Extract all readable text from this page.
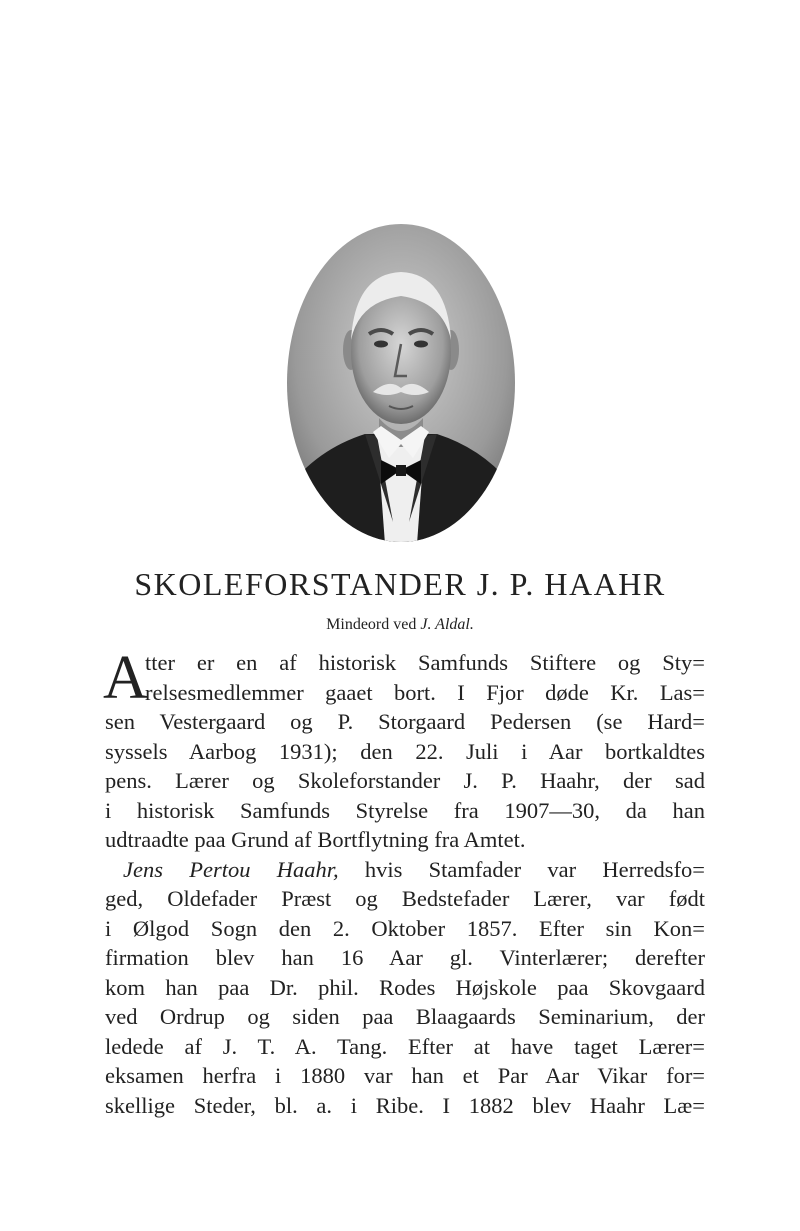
SKOLEFORSTANDER J. P. HAAHR
Mindeord ved J. Aldal.
A
tter er en af historisk Samfunds Stiftere og Sty=
relsesmedlemmer gaaet bort. I Fjor døde Kr. Las=
sen Vestergaard og P. Storgaard Pedersen (se Hard=
syssels Aarbog 1931); den 22. Juli i Aar bortkaldtes
pens. Lærer og Skoleforstander J. P. Haahr, der sad
i historisk Samfunds Styrelse fra 1907—30, da han
udtraadte paa Grund af Bortflytning fra Amtet.
Jens Pertou Haahr, hvis Stamfader var Herredsfo=
ged, Oldefader Præst og Bedstefader Lærer, var født
i Ølgod Sogn den 2. Oktober 1857. Efter sin Kon=
firmation blev han 16 Aar gl. Vinterlærer; derefter
kom han paa Dr. phil. Rodes Højskole paa Skovgaard
ved Ordrup og siden paa Blaagaards Seminarium, der
ledede af J. T. A. Tang. Efter at have taget Lærer=
eksamen herfra i 1880 var han et Par Aar Vikar for=
skellige Steder, bl. a. i Ribe. I 1882 blev Haahr Læ=
